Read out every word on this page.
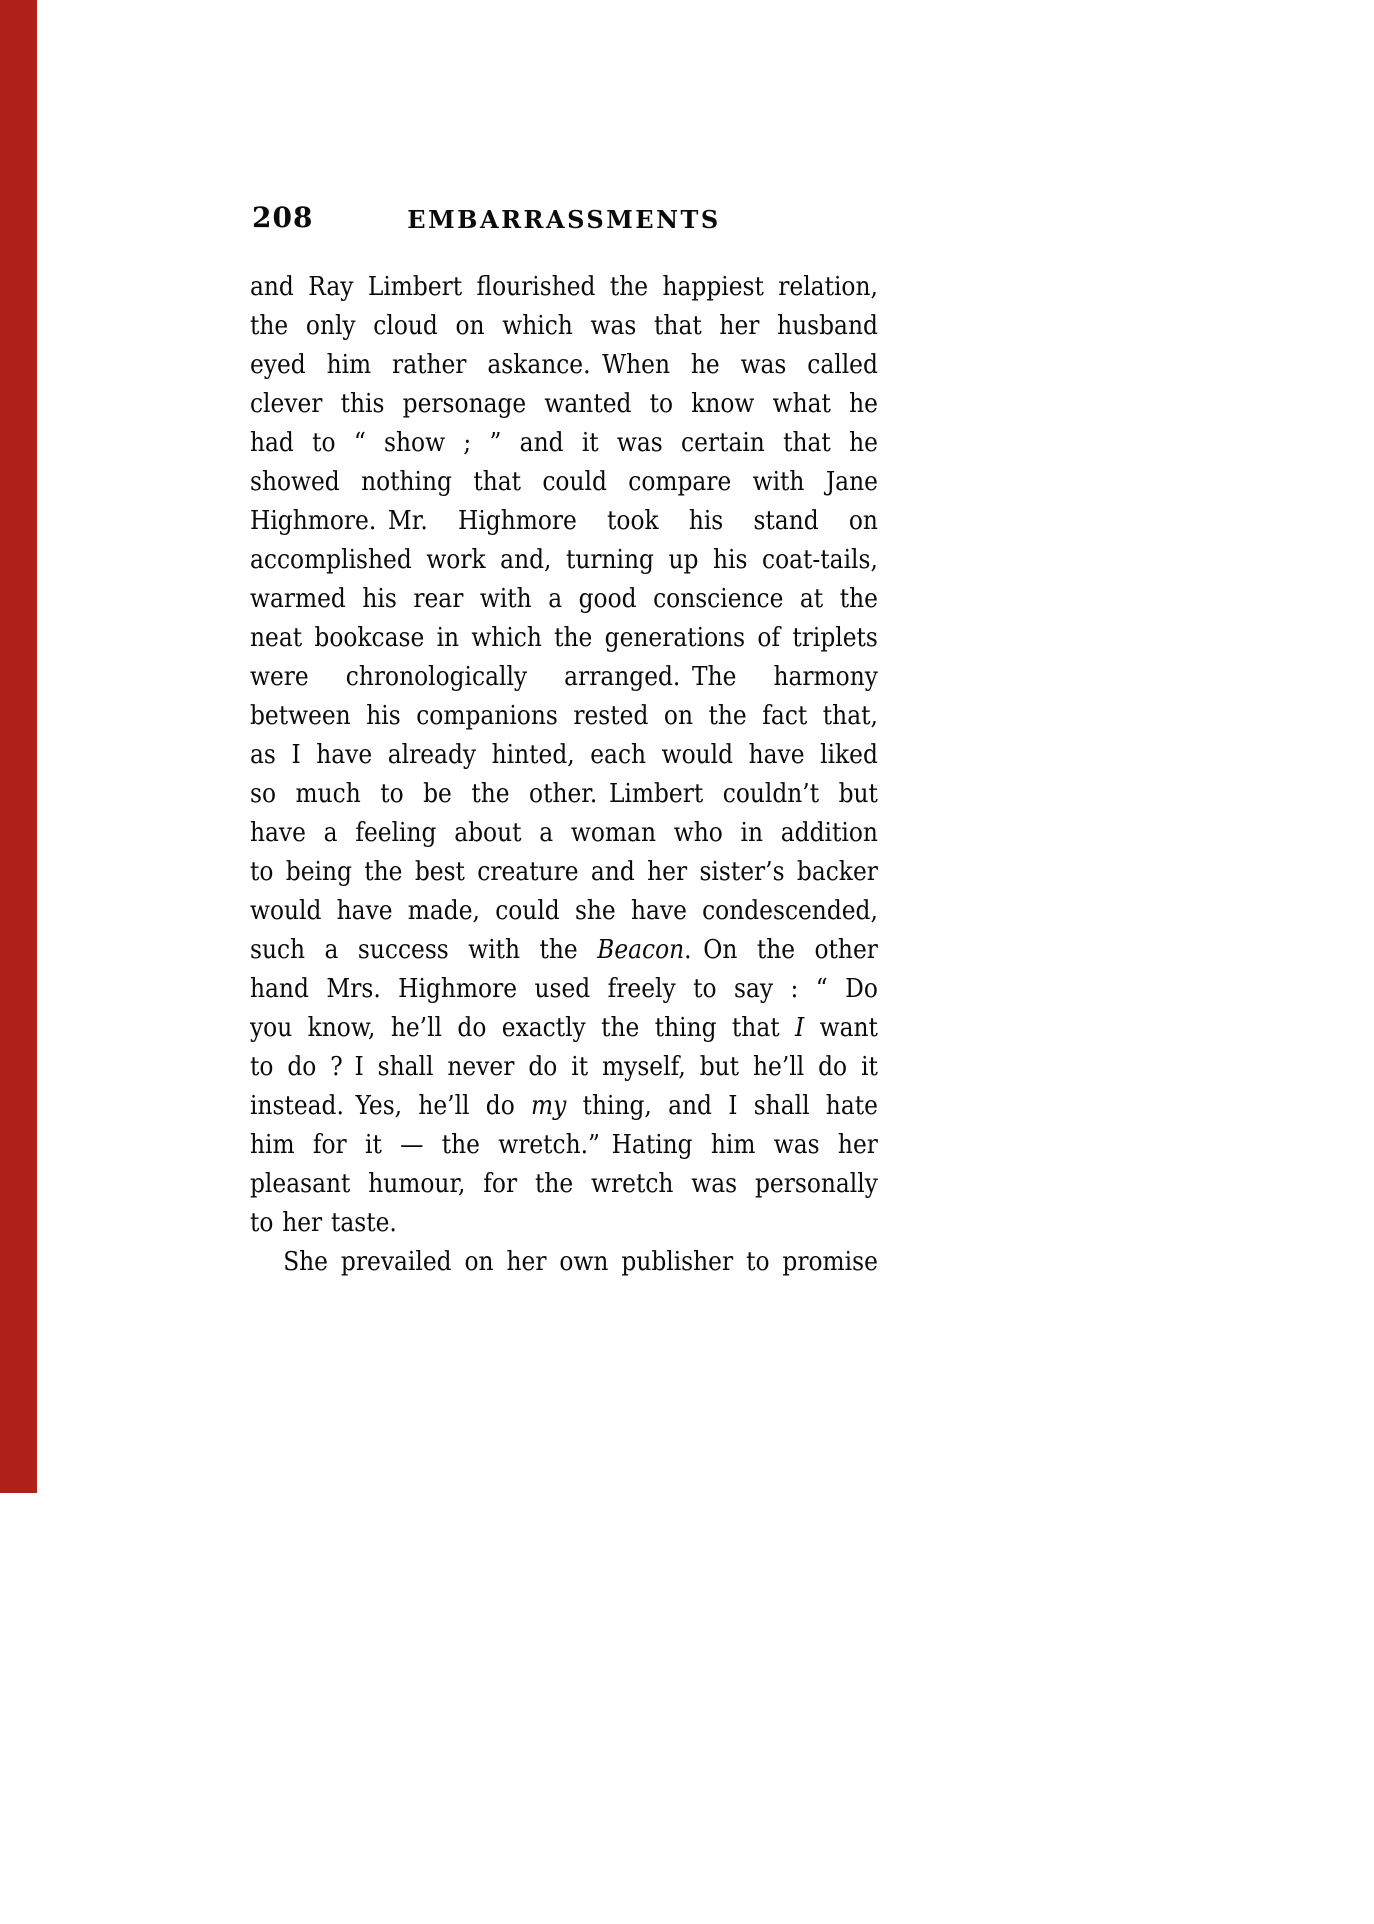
208	EMBARRASSMENTS
and Ray Limbert flourished the happiest relation,
the only cloud on which was that her husband
eyed him rather askance. When he was called
clever this personage wanted to know what he
had to “ show ; ” and it was certain that he
showed nothing that could compare with Jane
Highmore. Mr. Highmore took his stand on
accomplished work and, turning up his coat-tails,
warmed his rear with a good conscience at the
neat bookcase in which the generations of triplets
were chronologically arranged. The harmony
between his companions rested on the fact that,
as I have already hinted, each would have liked
so much to be the other. Limbert couldn’t but
have a feeling about a woman who in addition
to being the best creature and her sister’s backer
would have made, could she have condescended,
such a success with the Beacon. On the other
hand Mrs. Highmore used freely to say : “ Do
you know, he’ll do exactly the thing that I want
to do ? I shall never do it myself, but he’ll do it
instead. Yes, he’ll do my thing, and I shall hate
him for it — the wretch.” Hating him was her
pleasant humour, for the wretch was personally
to her taste.
She prevailed on her own publisher to promise
